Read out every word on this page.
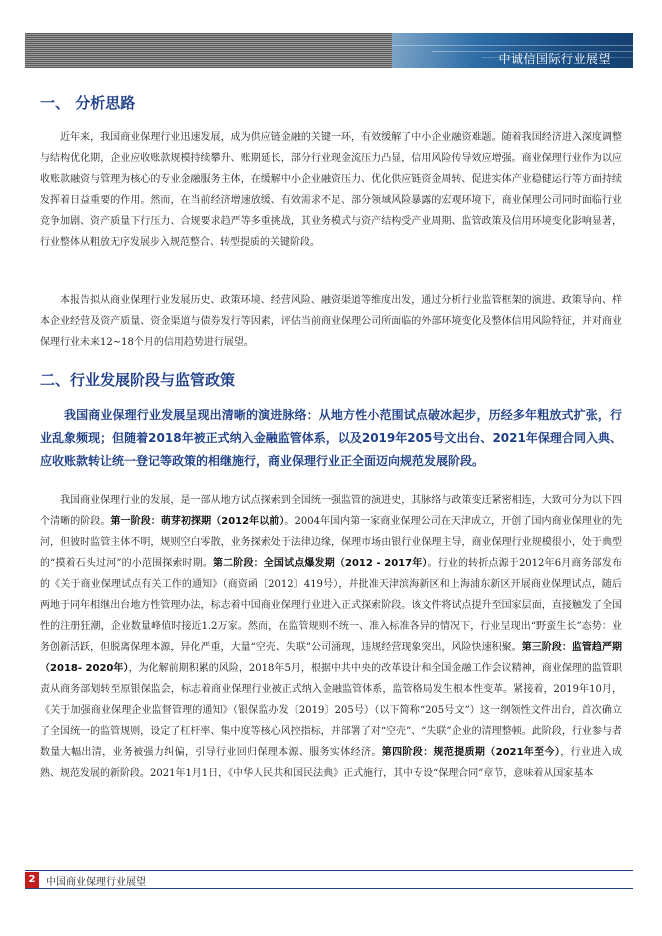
中诚信国际行业展望
一、 分析思路

近年来，我国商业保理行业迅速发展，成为供应链金融的关键一环，有效缓解了中小企业融资难题。随着我国经济进入深度调整与结构优化期，企业应收账款规模持续攀升、账期延长，部分行业现金流压力凸显，信用风险传导效应增强。商业保理行业作为以应收账款融资与管理为核心的专业金融服务主体，在缓解中小企业融资压力、优化供应链资金周转、促进实体产业稳健运行等方面持续发挥着日益重要的作用。然而，在当前经济增速放缓、有效需求不足、部分领域风险暴露的宏观环境下，商业保理公司同时面临行业竞争加剧、资产质量下行压力、合规要求趋严等多重挑战，其业务模式与资产结构受产业周期、监管政策及信用环境变化影响显著，行业整体从粗放无序发展步入规范整合、转型提质的关键阶段。

本报告拟从商业保理行业发展历史、政策环境、经营风险、融资渠道等维度出发，通过分析行业监管框架的演进、政策导向、样本企业经营及资产质量、资金渠道与债券发行等因素，评估当前商业保理公司所面临的外部环境变化及整体信用风险特征，并对商业保理行业未来12~18个月的信用趋势进行展望。

二、行业发展阶段与监管政策

我国商业保理行业发展呈现出清晰的演进脉络：从地方性小范围试点破冰起步，历经多年粗放式扩张，行业乱象频现；但随着2018年被正式纳入金融监管体系，以及2019年205号文出台、2021年保理合同入典、应收账款转让统一登记等政策的相继施行，商业保理行业正全面迈向规范发展阶段。

我国商业保理行业的发展，是一部从地方试点探索到全国统一强监管的演进史，其脉络与政策变迁紧密相连，大致可分为以下四个清晰的阶段。第一阶段：萌芽初探期（2012年以前）。2004年国内第一家商业保理公司在天津成立，开创了国内商业保理业的先河，但彼时监管主体不明，规则空白零散，业务探索处于法律边缘，保理市场由银行业保理主导，商业保理行业规模很小，处于典型的“摸着石头过河”的小范围探索时期。第二阶段：全国试点爆发期（2012 - 2017年）。行业的转折点源于2012年6月商务部发布的《关于商业保理试点有关工作的通知》（商资函〔2012〕419号），并批准天津滨海新区和上海浦东新区开展商业保理试点，随后两地于同年相继出台地方性管理办法，标志着中国商业保理行业进入正式探索阶段。该文件将试点提升至国家层面，直接触发了全国性的注册狂潮，企业数量峰值时接近1.2万家。然而，在监管规则不统一、准入标准各异的情况下，行业呈现出“野蛮生长”态势：业务创新活跃，但脱离保理本源，异化严重，大量“空壳、失联”公司涌现，违规经营现象突出，风险快速积聚。第三阶段：监管趋严期（2018- 2020年），为化解前期积累的风险，2018年5月，根据中共中央的改革设计和全国金融工作会议精神，商业保理的监管职责从商务部划转至原银保监会，标志着商业保理行业被正式纳入金融监管体系，监管格局发生根本性变革。紧接着，2019年10月，《关于加强商业保理企业监督管理的通知》（银保监办发〔2019〕205号）（以下简称“205号文”）这一纲领性文件出台，首次确立了全国统一的监管规则，设定了杠杆率、集中度等核心风控指标，并部署了对“空壳”、“失联”企业的清理整顿。此阶段，行业参与者数量大幅出清，业务被强力纠偏，引导行业回归保理本源、服务实体经济。第四阶段：规范提质期（2021年至今），行业进入成熟、规范发展的新阶段。2021年1月1日，《中华人民共和国民法典》正式施行，其中专设“保理合同”章节，意味着从国家基本

2	中国商业保理行业展望
